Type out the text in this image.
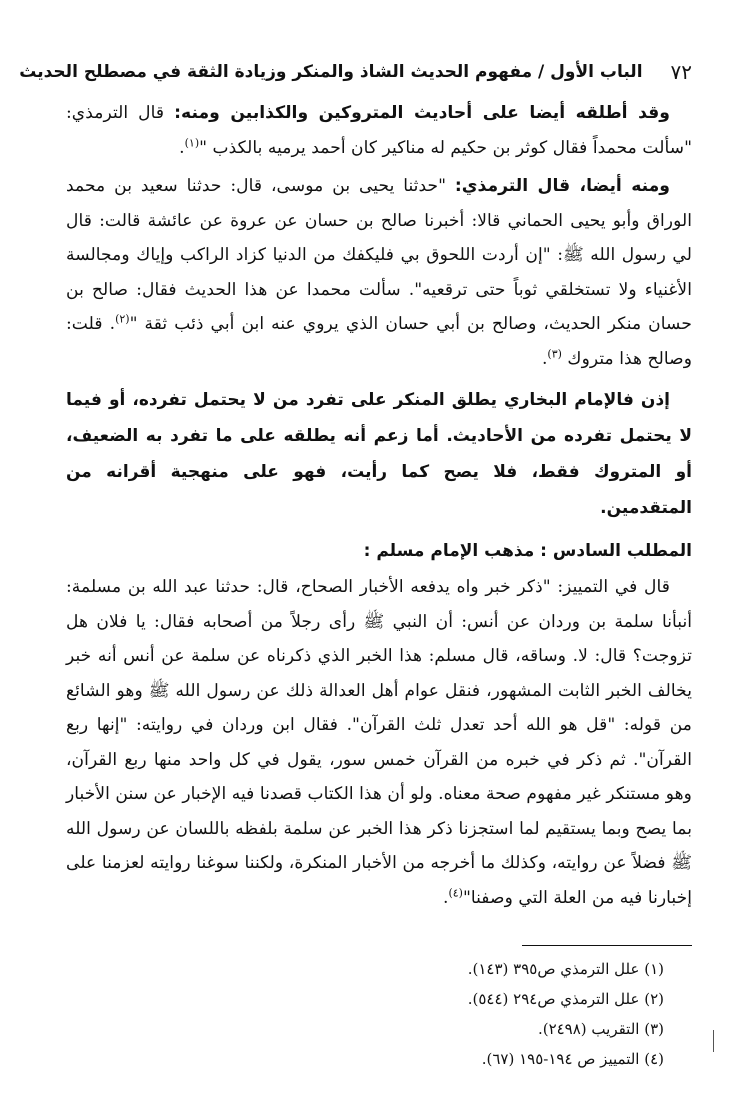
٧٢
الباب الأول / مفهوم الحديث الشاذ والمنكر وزيادة الثقة في مصطلح الحديث

وقد أطلقه أيضا على أحاديث المتروكين والكذابين ومنه: قال الترمذي: "سألت محمداً فقال كوثر بن حكيم له مناكير كان أحمد يرميه بالكذب "$^{(١)}$.

ومنه أيضا، قال الترمذي: "حدثنا يحيى بن موسى، قال: حدثنا سعيد بن محمد الوراق وأبو يحيى الحماني قالا: أخبرنا صالح بن حسان عن عروة عن عائشة قالت: قال لي رسول الله ﷺ: "إن أردت اللحوق بي فليكفك من الدنيا كزاد الراكب وإياك ومجالسة الأغنياء ولا تستخلقي ثوباً حتى ترقعيه". سألت محمدا عن هذا الحديث فقال: صالح بن حسان منكر الحديث، وصالح بن أبي حسان الذي يروي عنه ابن أبي ذئب ثقة "$^{(٢)}$. قلت: وصالح هذا متروك $^{(٣)}$.

إذن فالإمام البخاري يطلق المنكر على تفرد من لا يحتمل تفرده، أو فيما لا يحتمل تفرده من الأحاديث. أما زعم أنه يطلقه على ما تفرد به الضعيف، أو المتروك فقط، فلا يصح كما رأيت، فهو على منهجية أقرانه من المتقدمين.

المطلب السادس : مذهب الإمام مسلم :

قال في التمييز: "ذكر خبر واه يدفعه الأخبار الصحاح، قال: حدثنا عبد الله بن مسلمة: أنبأنا سلمة بن وردان عن أنس: أن النبي ﷺ رأى رجلاً من أصحابه فقال: يا فلان هل تزوجت؟ قال: لا. وساقه، قال مسلم: هذا الخبر الذي ذكرناه عن سلمة عن أنس أنه خبر يخالف الخبر الثابت المشهور، فنقل عوام أهل العدالة ذلك عن رسول الله ﷺ وهو الشائع من قوله: "قل هو الله أحد تعدل ثلث القرآن". فقال ابن وردان في روايته: "إنها ربع القرآن". ثم ذكر في خبره من القرآن خمس سور، يقول في كل واحد منها ربع القرآن، وهو مستنكر غير مفهوم صحة معناه. ولو أن هذا الكتاب قصدنا فيه الإخبار عن سنن الأخبار بما يصح وبما يستقيم لما استجزنا ذكر هذا الخبر عن سلمة بلفظه باللسان عن رسول الله ﷺ فضلاً عن روايته، وكذلك ما أخرجه من الأخبار المنكرة، ولكننا سوغنا روايته لعزمنا على إخبارنا فيه من العلة التي وصفنا"$^{(٤)}$.

(١) علل الترمذي ص٣٩٥ (١٤٣).
(٢) علل الترمذي ص٢٩٤ (٥٤٤).
(٣) التقريب (٢٤٩٨).
(٤) التمييز ص ١٩٤-١٩٥ (٦٧).
